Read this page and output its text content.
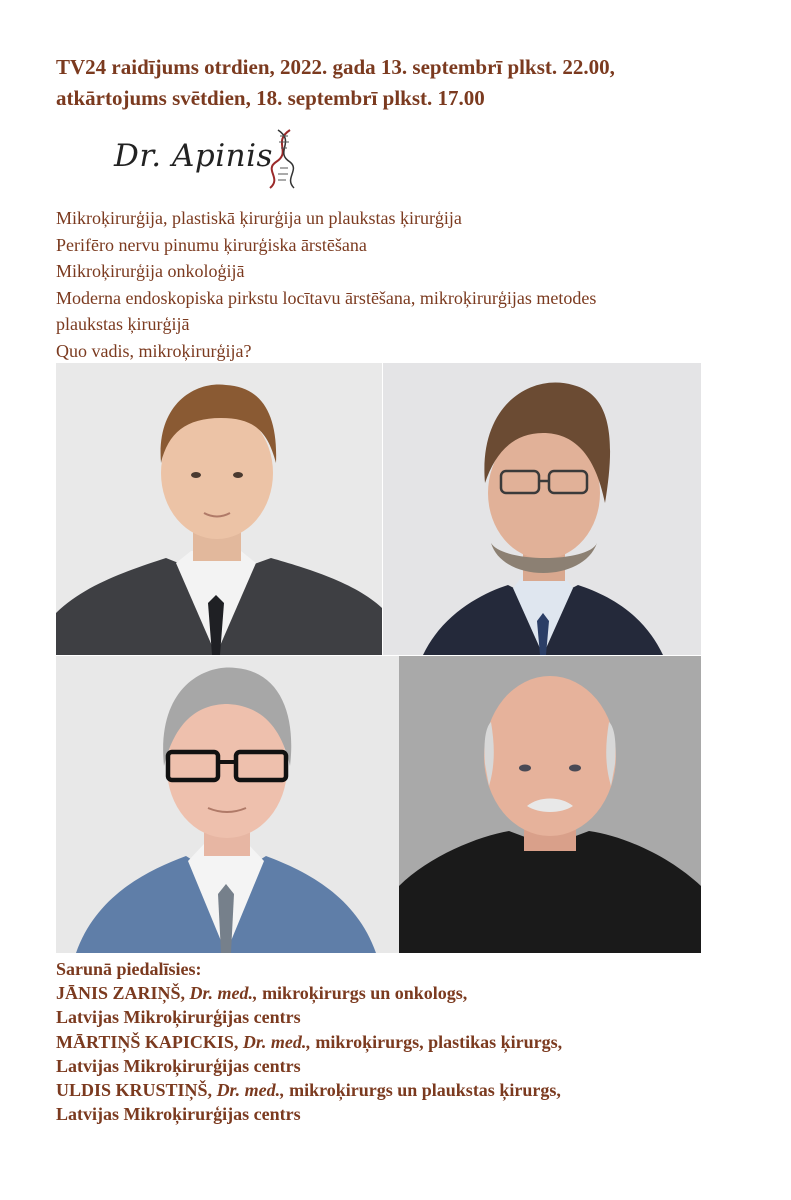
TV24 raidījums otrdien, 2022. gada 13. septembrī plkst. 22.00,
atkārtojums svētdien, 18. septembrī plkst. 17.00
Dr. Apinis
Mikroķirurģija, plastiskā ķirurģija un plaukstas ķirurģija
Perifēro nervu pinumu ķirurģiska ārstēšana
Mikroķirurģija onkoloģijā
Moderna endoskopiska pirkstu locītavu ārstēšana, mikroķirurģijas metodes
plaukstas ķirurģijā
Quo vadis, mikroķirurģija?
Sarunā piedalīsies:
JĀNIS ZARIŅŠ, Dr. med., mikroķirurgs un onkologs,
Latvijas Mikroķirurģijas centrs
MĀRTIŅŠ KAPICKIS, Dr. med., mikroķirurgs, plastikas ķirurgs,
Latvijas Mikroķirurģijas centrs
ULDIS KRUSTIŅŠ, Dr. med., mikroķirurgs un plaukstas ķirurgs,
Latvijas Mikroķirurģijas centrs
